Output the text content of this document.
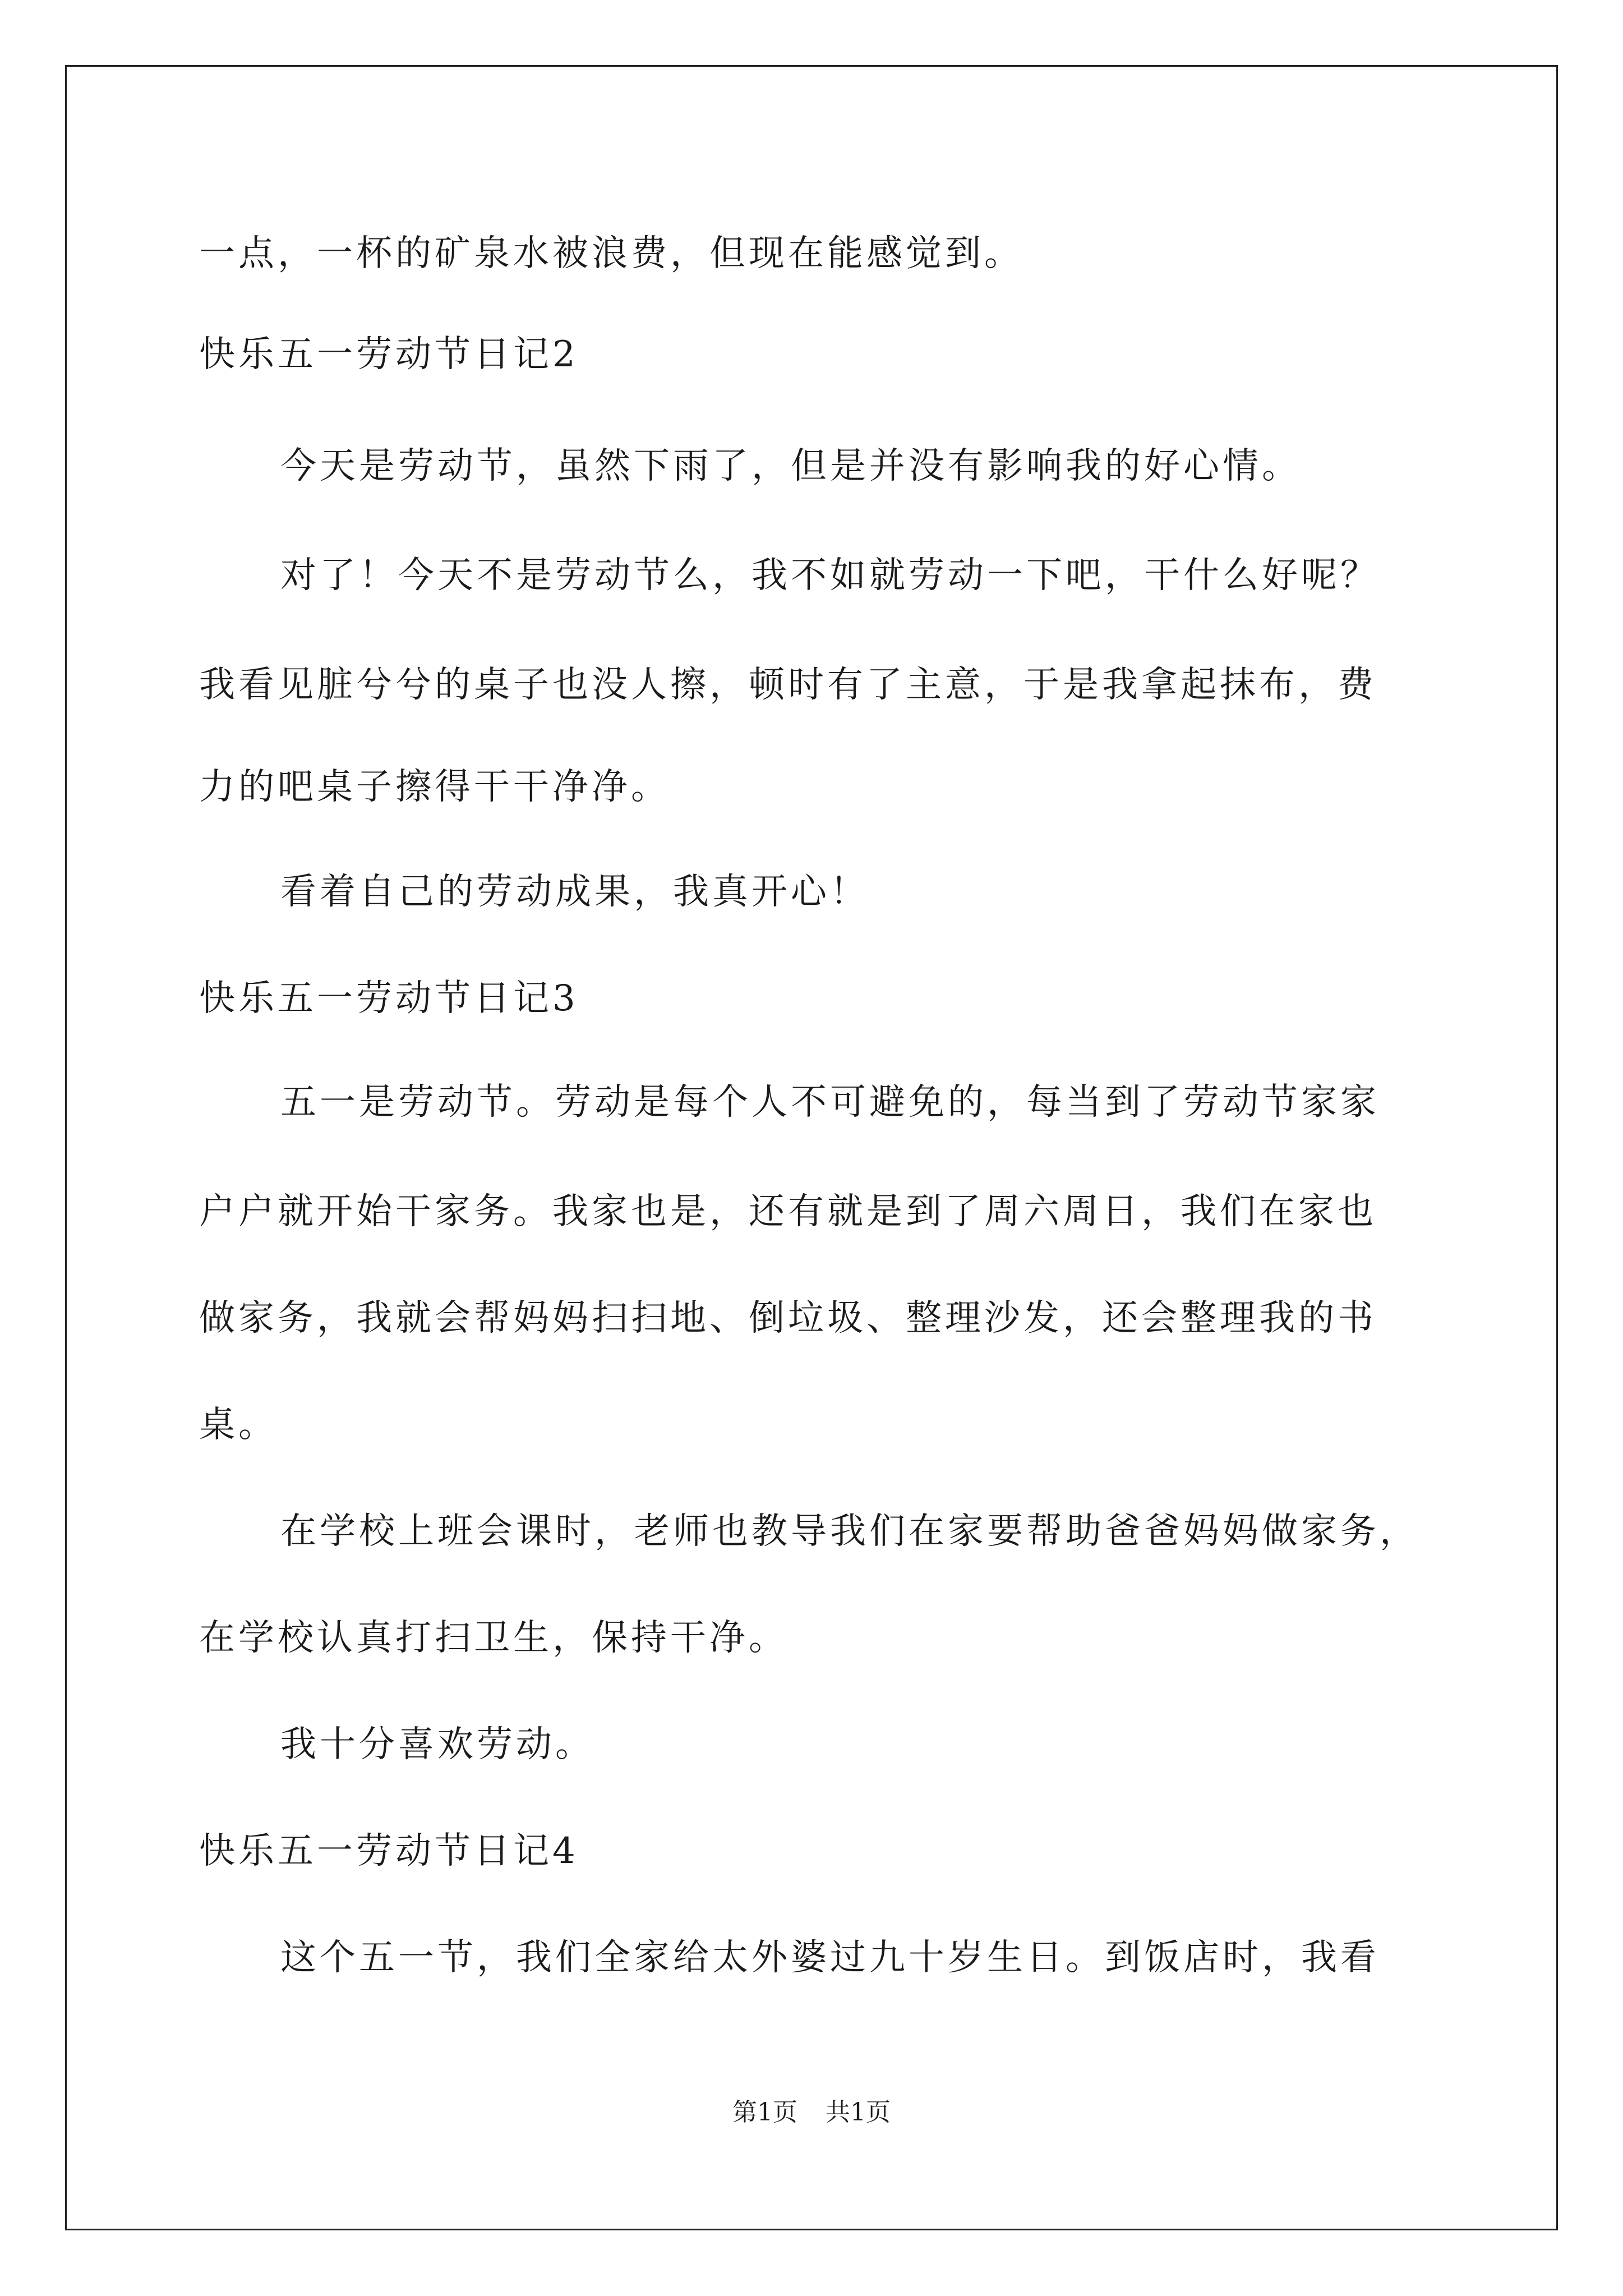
一点，一杯的矿泉水被浪费，但现在能感觉到。
快乐五一劳动节日记2
今天是劳动节，虽然下雨了，但是并没有影响我的好心情。
对了！今天不是劳动节么，我不如就劳动一下吧，干什么好呢？
我看见脏兮兮的桌子也没人擦，顿时有了主意，于是我拿起抹布，费
力的吧桌子擦得干干净净。
看着自己的劳动成果，我真开心！
快乐五一劳动节日记3
五一是劳动节。劳动是每个人不可避免的，每当到了劳动节家家
户户就开始干家务。我家也是，还有就是到了周六周日，我们在家也
做家务，我就会帮妈妈扫扫地、倒垃圾、整理沙发，还会整理我的书
桌。
在学校上班会课时，老师也教导我们在家要帮助爸爸妈妈做家务，
在学校认真打扫卫生，保持干净。
我十分喜欢劳动。
快乐五一劳动节日记4
这个五一节，我们全家给太外婆过九十岁生日。到饭店时，我看
第1页 共1页
